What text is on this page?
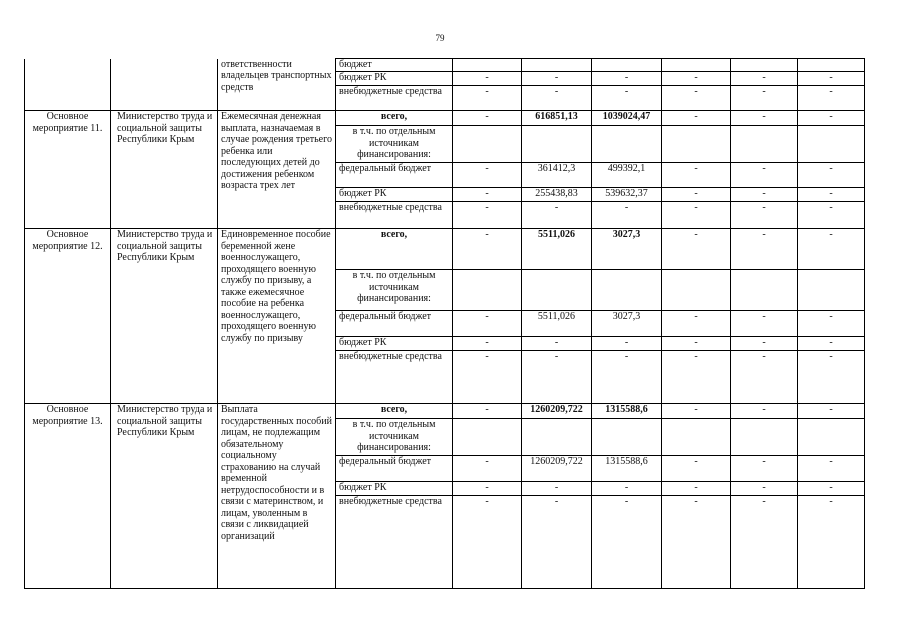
79
		ответственности владельцев транспортных средств	бюджет						
			бюджет РК	-	-	-	-	-	-
			внебюджетные средства	-	-	-	-	-	-
Основное мероприятие 11.	Министерство труда и социальной защиты Республики Крым	Ежемесячная денежная выплата, назначаемая в случае рождения третьего ребенка или последующих детей до достижения ребенком возраста трех лет	всего,	-	616851,13	1039024,47	-	-	-
			в т.ч. по отдельным источникам финансирования:						
			федеральный бюджет	-	361412,3	499392,1	-	-	-
			бюджет РК	-	255438,83	539632,37	-	-	-
			внебюджетные средства	-	-	-	-	-	-
Основное мероприятие 12.	Министерство труда и социальной защиты Республики Крым	Единовременное пособие беременной жене военнослужащего, проходящего военную службу по призыву, а также ежемесячное пособие на ребенка военнослужащего, проходящего военную службу по призыву	всего,	-	5511,026	3027,3	-	-	-
			в т.ч. по отдельным источникам финансирования:						
			федеральный бюджет	-	5511,026	3027,3	-	-	-
			бюджет РК	-	-	-	-	-	-
			внебюджетные средства	-	-	-	-	-	-
Основное мероприятие 13.	Министерство труда и социальной защиты Республики Крым	Выплата государственных пособий лицам, не подлежащим обязательному социальному страхованию на случай временной нетрудоспособности и в связи с материнством, и лицам, уволенным в связи с ликвидацией организаций	всего,	-	1260209,722	1315588,6	-	-	-
			в т.ч. по отдельным источникам финансирования:						
			федеральный бюджет	-	1260209,722	1315588,6	-	-	-
			бюджет РК	-	-	-	-	-	-
			внебюджетные средства	-	-	-	-	-	-
